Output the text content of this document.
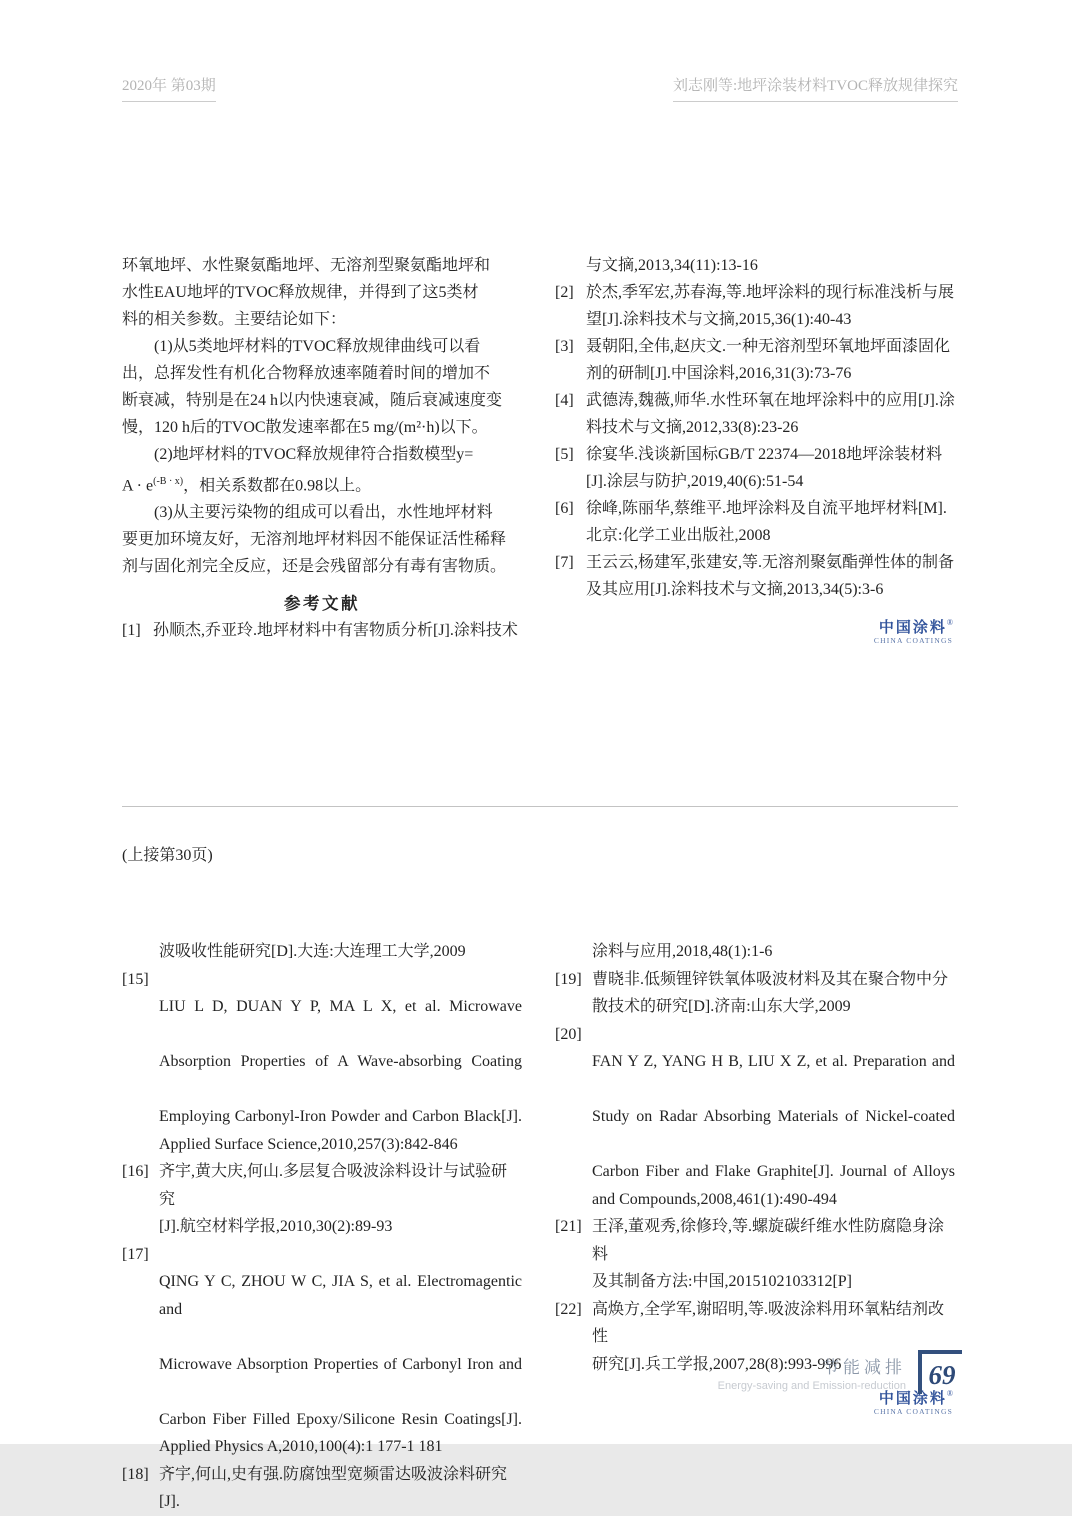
2020年 第03期	刘志刚等:地坪涂装材料TVOC释放规律探究
环氧地坪、水性聚氨酯地坪、无溶剂型聚氨酯地坪和
水性EAU地坪的TVOC释放规律，并得到了这5类材
料的相关参数。主要结论如下：
(1)从5类地坪材料的TVOC释放规律曲线可以看
出，总挥发性有机化合物释放速率随着时间的增加不
断衰减，特别是在24 h以内快速衰减，随后衰减速度变
慢，120 h后的TVOC散发速率都在5 mg/(m²·h)以下。
(2)地坪材料的TVOC释放规律符合指数模型y=
$A \cdot e^{(-B \cdot x)}$，相关系数都在0.98以上。
(3)从主要污染物的组成可以看出，水性地坪材料
要更加环境友好，无溶剂地坪材料因不能保证活性稀释
剂与固化剂完全反应，还是会残留部分有毒有害物质。
参考文献
[1] 孙顺杰,乔亚玲.地坪材料中有害物质分析[J].涂料技术
与文摘,2013,34(11):13-16
[2] 於杰,季军宏,苏春海,等.地坪涂料的现行标准浅析与展
望[J].涂料技术与文摘,2015,36(1):40-43
[3] 聂朝阳,全伟,赵庆文.一种无溶剂型环氧地坪面漆固化
剂的研制[J].中国涂料,2016,31(3):73-76
[4] 武德涛,魏薇,师华.水性环氧在地坪涂料中的应用[J].涂
料技术与文摘,2012,33(8):23-26
[5] 徐宴华.浅谈新国标GB/T 22374—2018地坪涂装材料
[J].涂层与防护,2019,40(6):51-54
[6] 徐峰,陈丽华,蔡维平.地坪涂料及自流平地坪材料[M].
北京:化学工业出版社,2008
[7] 王云云,杨建军,张建安,等.无溶剂聚氨酯弹性体的制备
及其应用[J].涂料技术与文摘,2013,34(5):3-6
中国涂料®
CHINA COATINGS
(上接第30页)
波吸收性能研究[D].大连:大连理工大学,2009
[15]
LIU L D, DUAN Y P, MA L X, et al. Microwave
Absorption Properties of A Wave-absorbing Coating
Employing Carbonyl-Iron Powder and Carbon Black[J].
Applied Surface Science,2010,257(3):842-846
[16] 齐宇,黄大庆,何山.多层复合吸波涂料设计与试验研究
[J].航空材料学报,2010,30(2):89-93
[17]
QING Y C, ZHOU W C, JIA S, et al. Electromagentic and
Microwave Absorption Properties of Carbonyl Iron and
Carbon Fiber Filled Epoxy/Silicone Resin Coatings[J].
Applied Physics A,2010,100(4):1 177-1 181
[18] 齐宇,何山,史有强.防腐蚀型宽频雷达吸波涂料研究[J].
涂料与应用,2018,48(1):1-6
[19] 曹晓非.低频锂锌铁氧体吸波材料及其在聚合物中分
散技术的研究[D].济南:山东大学,2009
[20]
FAN Y Z, YANG H B, LIU X Z, et al. Preparation and
Study on Radar Absorbing Materials of Nickel-coated
Carbon Fiber and Flake Graphite[J]. Journal of Alloys
and Compounds,2008,461(1):490-494
[21] 王泽,董观秀,徐修玲,等.螺旋碳纤维水性防腐隐身涂料
及其制备方法:中国,2015102103312[P]
[22] 高焕方,全学军,谢昭明,等.吸波涂料用环氧粘结剂改性
研究[J].兵工学报,2007,28(8):993-996
中国涂料®
CHINA COATINGS
节能减排
Energy-saving and Emission-reduction 69
